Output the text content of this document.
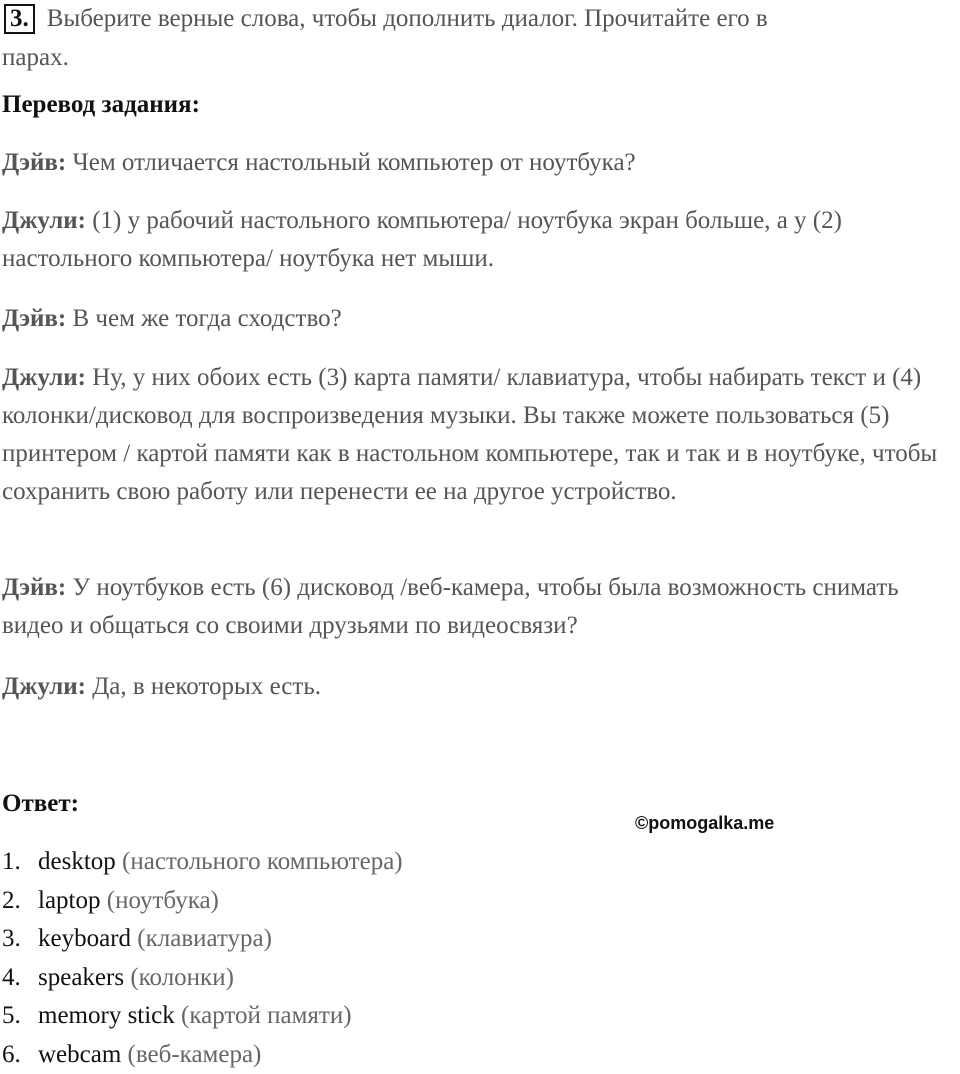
3. Выберите верные слова, чтобы дополнить диалог. Прочитайте его в
парах.
Перевод задания:
Дэйв: Чем отличается настольный компьютер от ноутбука?
Джули: (1) у рабочий настольного компьютера/ ноутбука экран больше, а у (2) настольного компьютера/ ноутбука нет мыши.
Дэйв: В чем же тогда сходство?
Джули: Ну, у них обоих есть (3) карта памяти/ клавиатура, чтобы набирать текст и (4) колонки/дисковод для воспроизведения музыки. Вы также можете пользоваться (5) принтером / картой памяти как в настольном компьютере, так и так и в ноутбуке, чтобы сохранить свою работу или перенести ее на другое устройство.
Дэйв: У ноутбуков есть (6) дисковод /веб-камера, чтобы была возможность снимать видео и общаться со своими друзьями по видеосвязи?
Джули: Да, в некоторых есть.
Ответ:
©pomogalka.me
1. desktop (настольного компьютера)
2. laptop (ноутбука)
3. keyboard (клавиатура)
4. speakers (колонки)
5. memory stick (картой памяти)
6. webcam (веб-камера)
